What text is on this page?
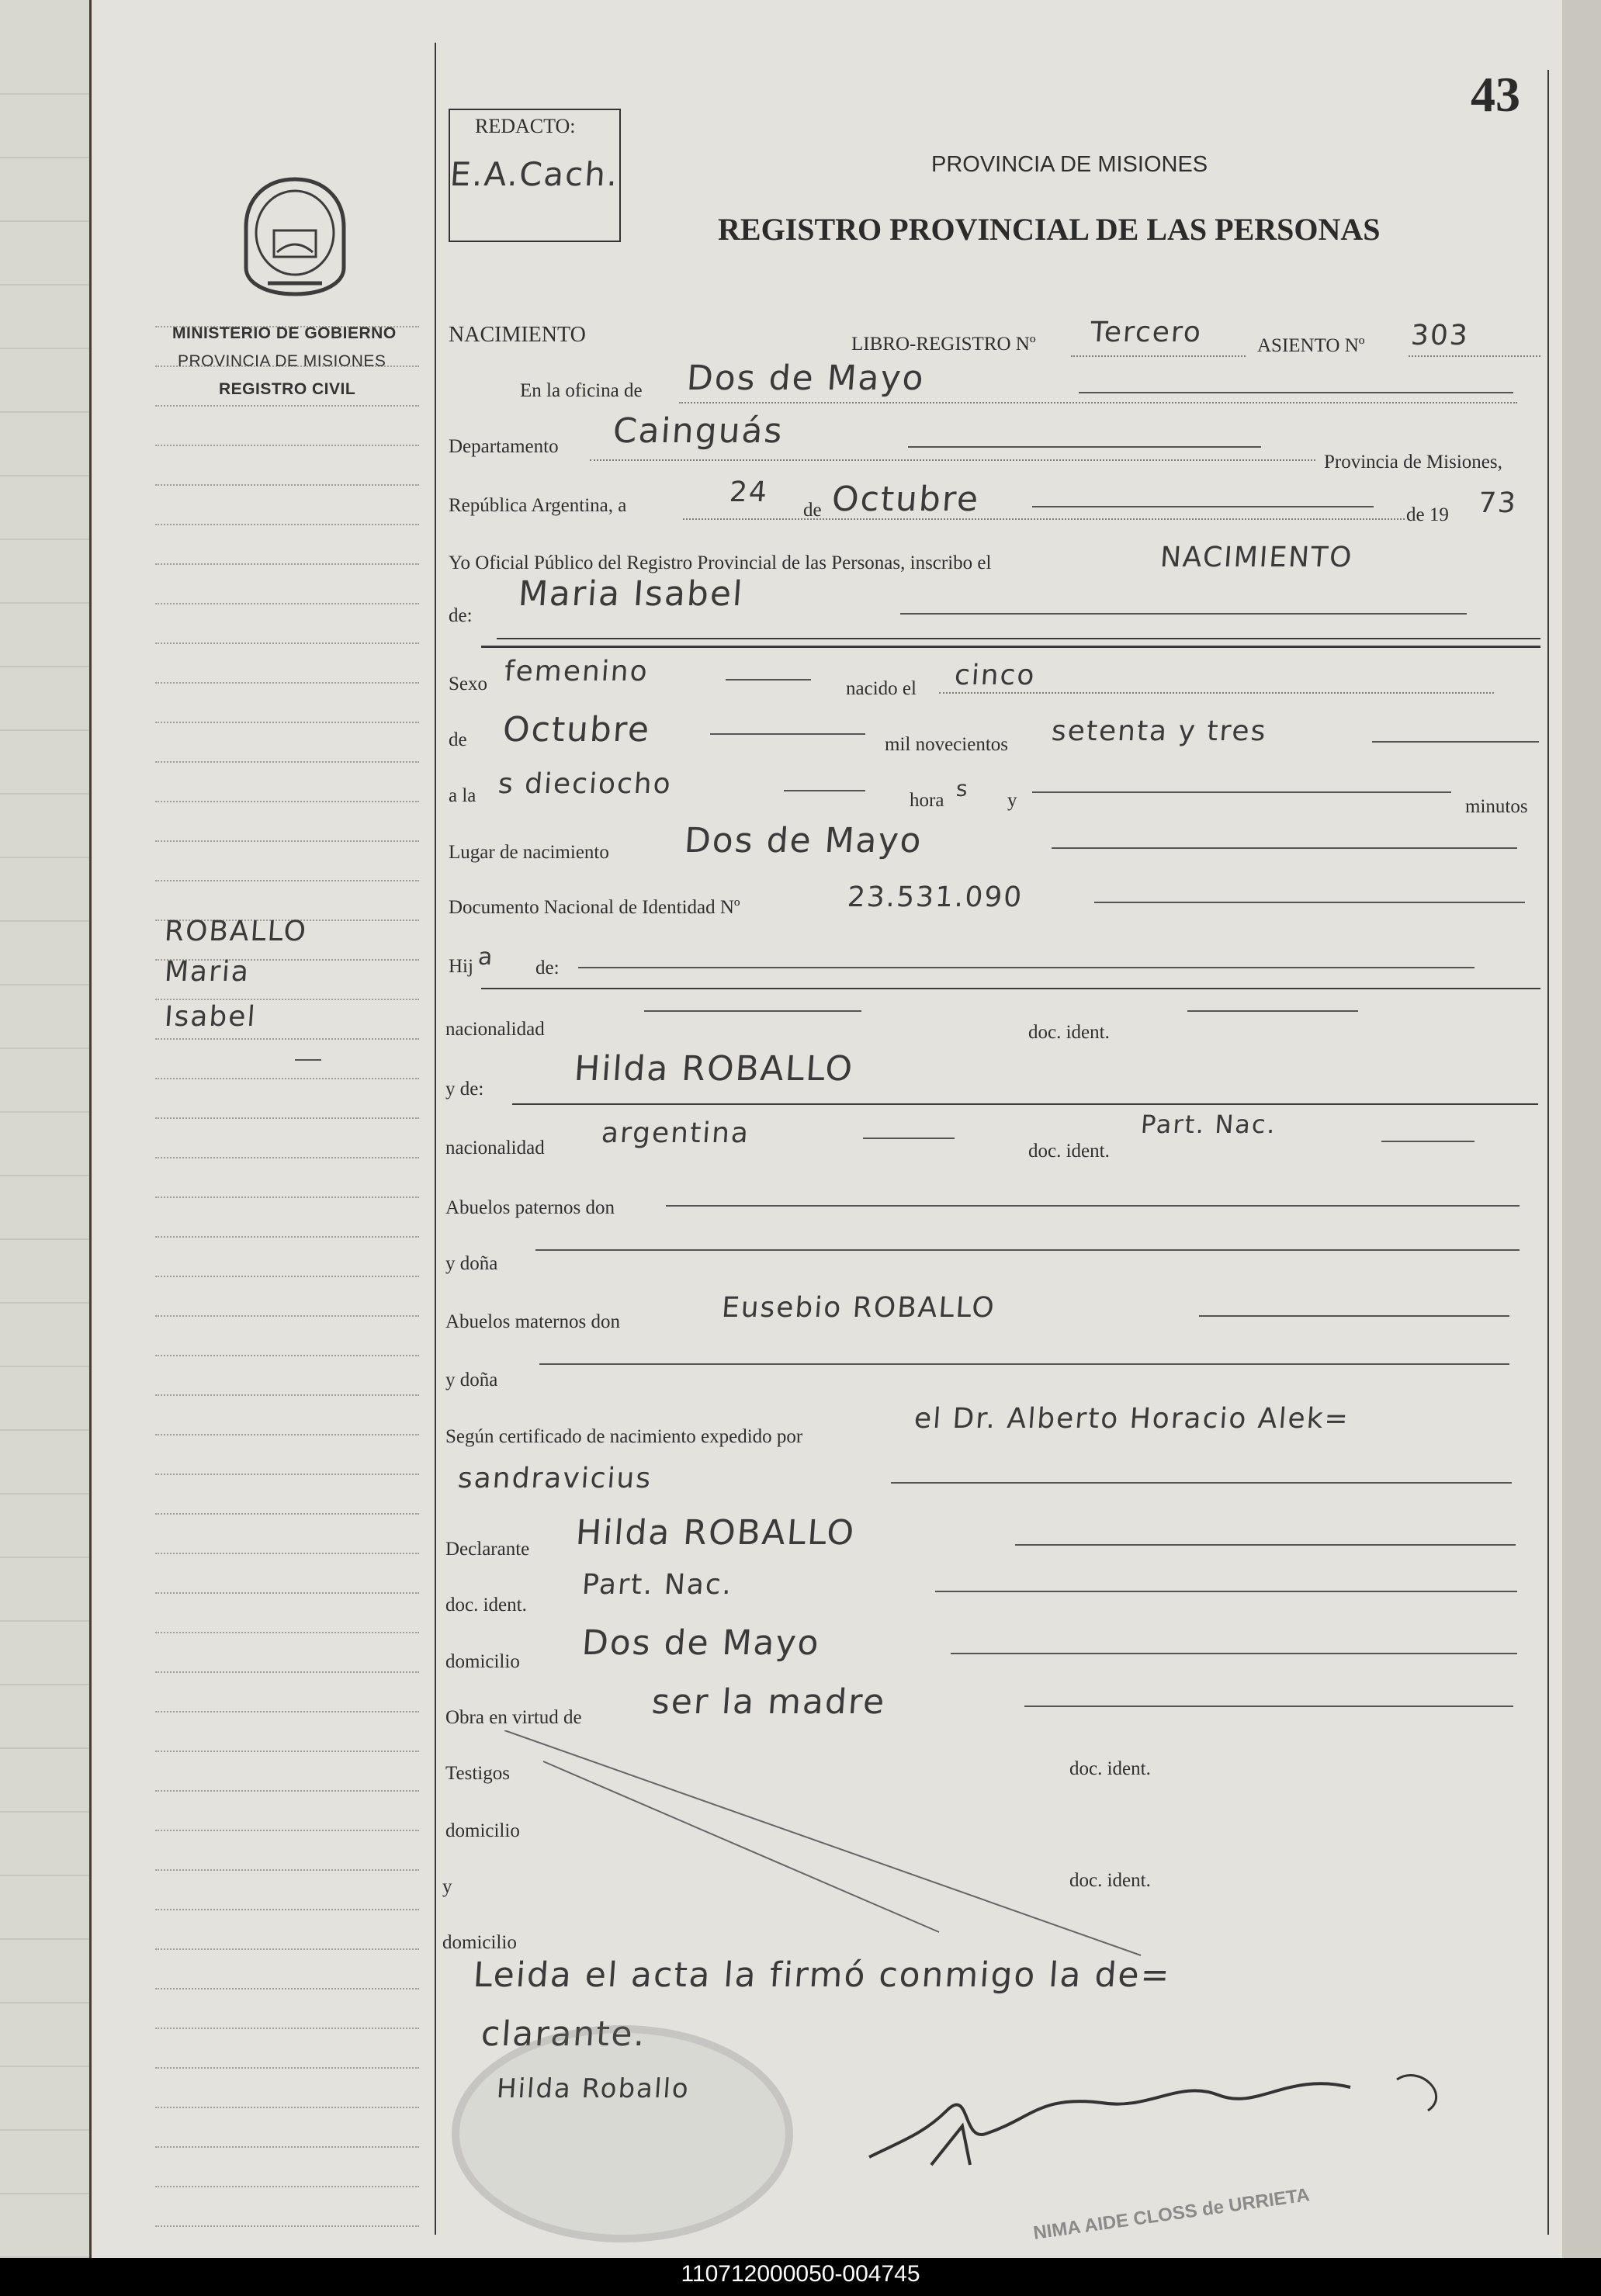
MINISTERIO DE GOBIERNO
PROVINCIA DE MISIONES
REGISTRO CIVIL
ROBALLO
Maria
Isabel
43
REDACTO:
E.A.Cach.	PROVINCIA DE MISIONES
REGISTRO PROVINCIAL DE LAS PERSONAS
NACIMIENTO	LIBRO-REGISTRO Nº Tercero	ASIENTO Nº 303
En la oficina de Dos de Mayo
Departamento Cainguás
Provincia de Misiones,
República Argentina, a	24
de Octubre	de 19 73
Yo Oficial Público del Registro Provincial de las Personas, inscribo el	NACIMIENTO
de:
Maria Isabel
Sexo femenino
nacido el cinco
de Octubre	mil novecientos setenta y tres
a la s dieciocho
hora s y	minutos
Lugar de nacimiento Dos de Mayo
Documento Nacional de Identidad Nº	23.531.090
Hij a de:
nacionalidad	doc. ident.
y de:
Hilda ROBALLO
nacionalidad argentina
doc. ident.
Part. Nac.
Abuelos paternos don
y doña
Abuelos maternos don	Eusebio ROBALLO
y doña
Según certificado de nacimiento expedido por
el Dr. Alberto Horacio Alek=
sandravicius
Declarante Hilda ROBALLO
doc. ident.
Part. Nac.
domicilio Dos de Mayo
Obra en virtud de ser la madre
Testigos	doc. ident.
domicilio
y	doc. ident.
domicilio
Leida el acta la firmó conmigo la de=
clarante.
Hilda Roballo
NIMA AIDE CLOSS de URRIETA
110712000050-004745
